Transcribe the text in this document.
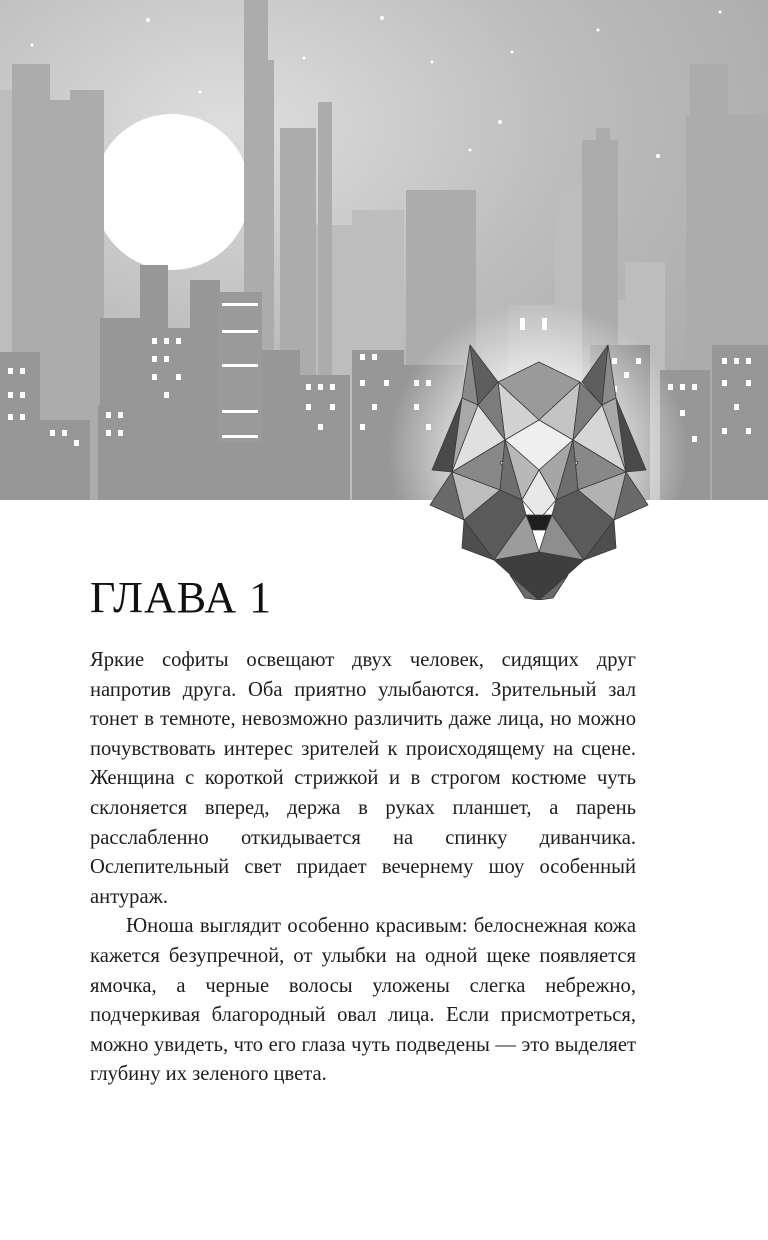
ГЛАВА 1

Яркие софиты освещают двух человек, сидящих друг напротив друга. Оба приятно улыбаются. Зрительный зал тонет в темноте, невозможно различить даже лица, но можно почувствовать интерес зрителей к происходящему на сцене. Женщина с короткой стрижкой и в строгом костюме чуть склоняется вперед, держа в руках планшет, а парень расслабленно откидывается на спинку диванчика. Ослепительный свет придает вечернему шоу особенный антураж.

Юноша выглядит особенно красивым: белоснежная кожа кажется безупречной, от улыбки на одной щеке появляется ямочка, а черные волосы уложены слегка небрежно, подчеркивая благородный овал лица. Если присмотреться, можно увидеть, что его глаза чуть подведены — это выделяет глубину их зеленого цвета.
